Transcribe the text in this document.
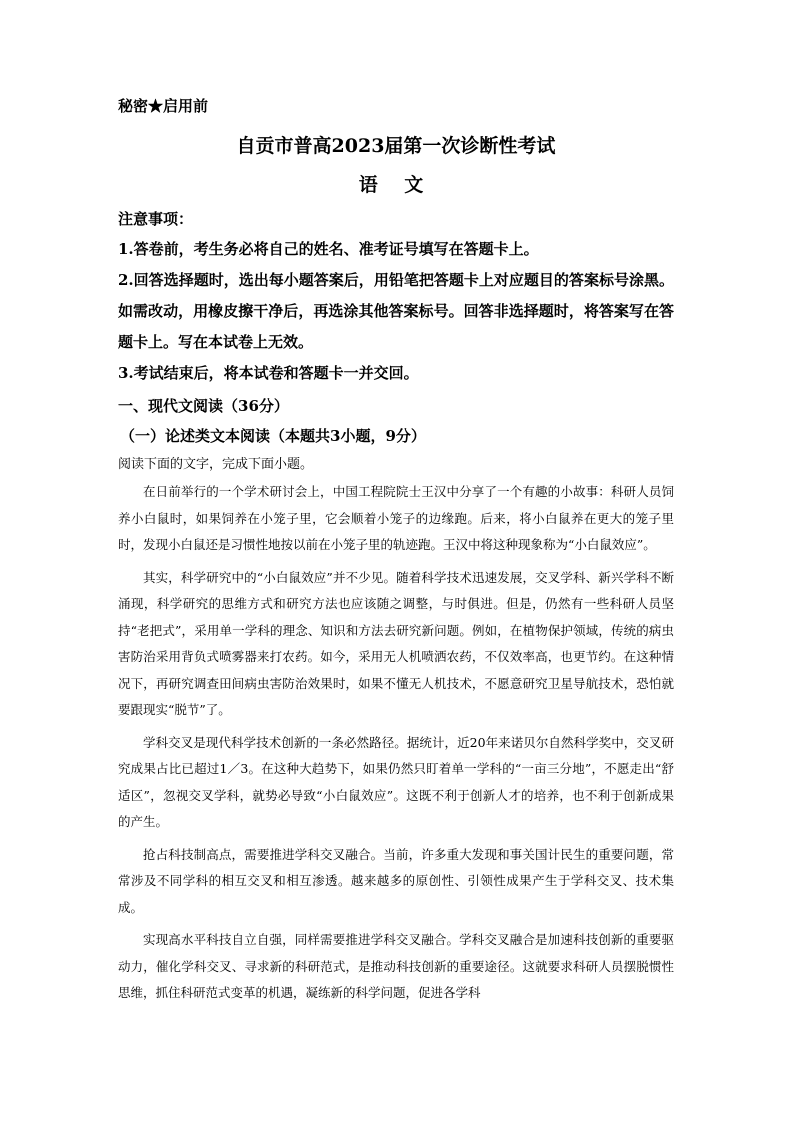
秘密★启用前
自贡市普高2023届第一次诊断性考试
语 文
注意事项：
1.答卷前，考生务必将自己的姓名、准考证号填写在答题卡上。
2.回答选择题时，选出每小题答案后，用铅笔把答题卡上对应题目的答案标号涂黑。如需改动，用橡皮擦干净后，再选涂其他答案标号。回答非选择题时，将答案写在答题卡上。写在本试卷上无效。
3.考试结束后，将本试卷和答题卡一并交回。
一、现代文阅读（36分）
（一）论述类文本阅读（本题共3小题，9分）
阅读下面的文字，完成下面小题。

在日前举行的一个学术研讨会上，中国工程院院士王汉中分享了一个有趣的小故事：科研人员饲养小白鼠时，如果饲养在小笼子里，它会顺着小笼子的边缘跑。后来，将小白鼠养在更大的笼子里时，发现小白鼠还是习惯性地按以前在小笼子里的轨迹跑。王汉中将这种现象称为“小白鼠效应”。

其实，科学研究中的“小白鼠效应”并不少见。随着科学技术迅速发展，交叉学科、新兴学科不断涌现，科学研究的思维方式和研究方法也应该随之调整，与时俱进。但是，仍然有一些科研人员坚持“老把式”，采用单一学科的理念、知识和方法去研究新问题。例如，在植物保护领域，传统的病虫害防治采用背负式喷雾器来打农药。如今，采用无人机喷洒农药，不仅效率高，也更节约。在这种情况下，再研究调查田间病虫害防治效果时，如果不懂无人机技术，不愿意研究卫星导航技术，恐怕就要跟现实“脱节”了。

学科交叉是现代科学技术创新的一条必然路径。据统计，近20年来诺贝尔自然科学奖中，交叉研究成果占比已超过1／3。在这种大趋势下，如果仍然只盯着单一学科的“一亩三分地”，不愿走出“舒适区”，忽视交叉学科，就势必导致“小白鼠效应”。这既不利于创新人才的培养，也不利于创新成果的产生。

抢占科技制高点，需要推进学科交叉融合。当前，许多重大发现和事关国计民生的重要问题，常常涉及不同学科的相互交叉和相互渗透。越来越多的原创性、引领性成果产生于学科交叉、技术集成。

实现高水平科技自立自强，同样需要推进学科交叉融合。学科交叉融合是加速科技创新的重要驱动力，催化学科交叉、寻求新的科研范式，是推动科技创新的重要途径。这就要求科研人员摆脱惯性思维，抓住科研范式变革的机遇，凝练新的科学问题，促进各学科
